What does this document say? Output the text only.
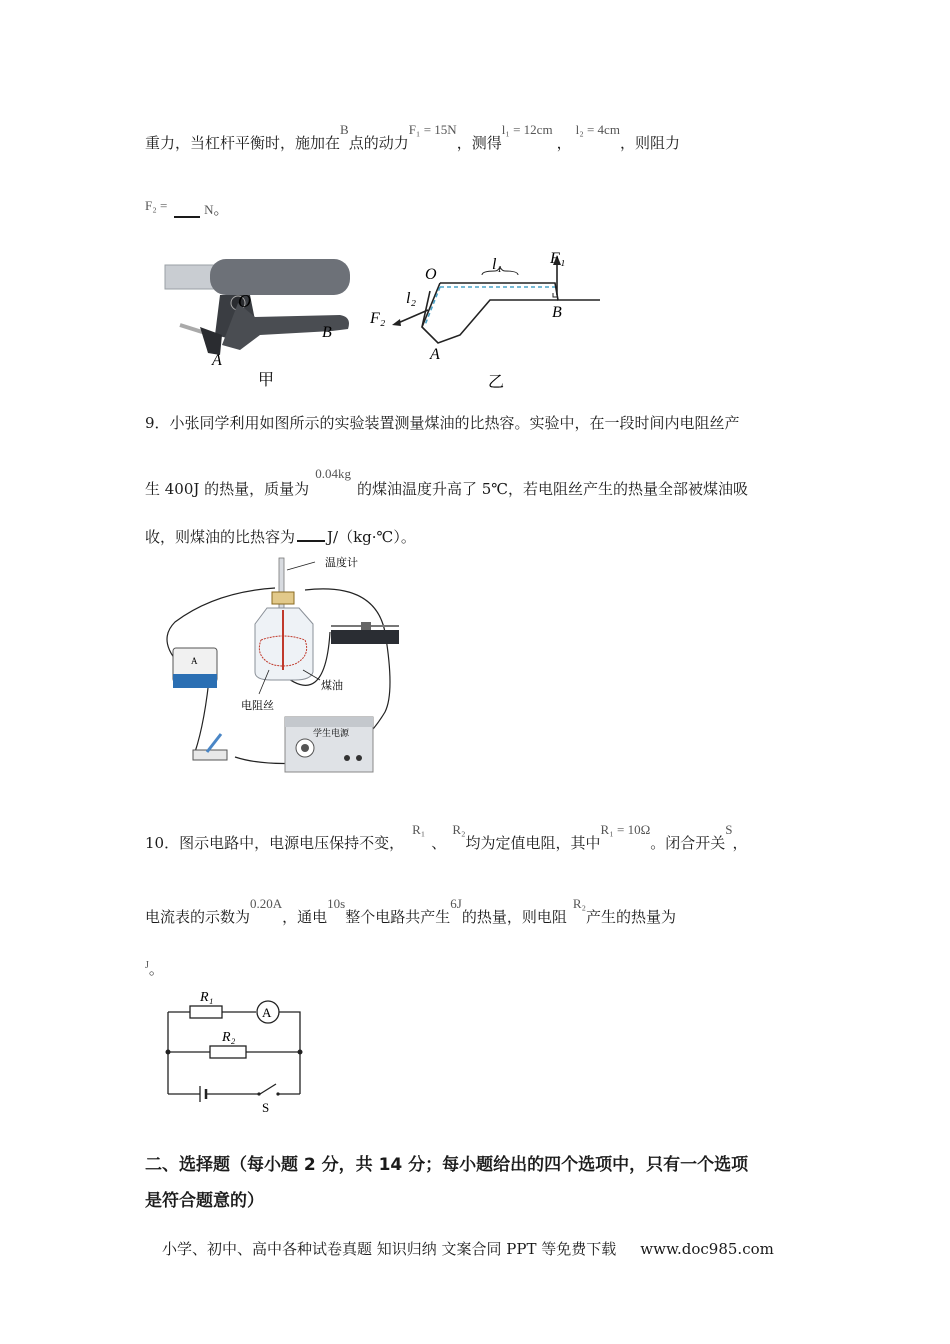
重力，当杠杆平衡时，施加在B点的动力F₁ = 15N，测得l₁ = 12cm，l₂ = 4cm，则阻力
F₂ =	N。
O
B
A
甲
O
l₁	F₁
l₂
F₂	B
A
乙
9．小张同学利用如图所示的实验装置测量煤油的比热容。实验中，在一段时间内电阻丝产
生 400J 的热量，质量为0.04kg的煤油温度升高了 5℃，若电阻丝产生的热量全部被煤油吸
收，则煤油的比热容为 J/（kg·℃）。
温度计
煤油
电阻丝
A
学生电源
10．图示电路中，电源电压保持不变，R₁、R₂均为定值电阻，其中R₁ = 10Ω。闭合开关S，
电流表的示数为0.20A，通电10s整个电路共产生6J的热量，则电阻R₂产生的热量为
$^J$。
R₁
A
R₂
S
二、选择题（每小题 2 分，共 14 分；每小题给出的四个选项中，只有一个选项
是符合题意的）
小学、初中、高中各种试卷真题 知识归纳 文案合同 PPT 等免费下载 www.doc985.com
